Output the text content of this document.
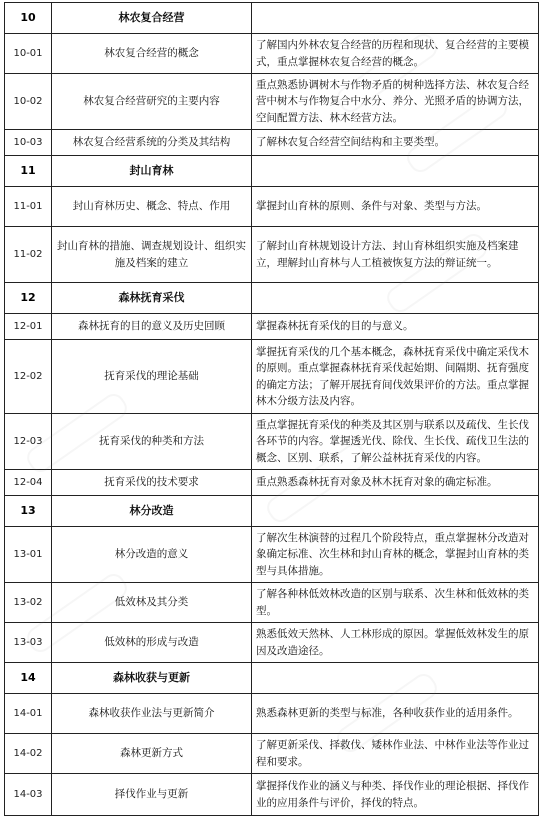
10	林农复合经营	
10-01	林农复合经营的概念	了解国内外林农复合经营的历程和现状、复合经营的主要模式，重点掌握林农复合经营的概念。
10-02	林农复合经营研究的主要内容	重点熟悉协调树木与作物矛盾的树种选择方法、林农复合经营中树木与作物复合中水分、养分、光照矛盾的协调方法，空间配置方法、林木经营方法。
10-03	林农复合经营系统的分类及其结构	了解林农复合经营空间结构和主要类型。
11	封山育林	
11-01	封山育林历史、概念、特点、作用	掌握封山育林的原则、条件与对象、类型与方法。
11-02	封山育林的措施、调查规划设计、组织实施及档案的建立	了解封山育林规划设计方法、封山育林组织实施及档案建立，理解封山育林与人工植被恢复方法的辩证统一。
12	森林抚育采伐	
12-01	森林抚育的目的意义及历史回顾	掌握森林抚育采伐的目的与意义。
12-02	抚育采伐的理论基础	掌握抚育采伐的几个基本概念，森林抚育采伐中确定采伐木的原则。重点掌握森林抚育采伐起始期、间隔期、抚育强度的确定方法；了解开展抚育间伐效果评价的方法。重点掌握林木分级方法及内容。
12-03	抚育采伐的种类和方法	重点掌握抚育采伐的种类及其区别与联系以及疏伐、生长伐各环节的内容。掌握透光伐、除伐、生长伐、疏伐卫生法的概念、区别、联系，了解公益林抚育采伐的内容。
12-04	抚育采伐的技术要求	重点熟悉森林抚育对象及林木抚育对象的确定标准。
13	林分改造	
13-01	林分改造的意义	了解次生林演替的过程几个阶段特点，重点掌握林分改造对象确定标准、次生林和封山育林的概念，掌握封山育林的类型与具体措施。
13-02	低效林及其分类	了解各种林低效林改造的区别与联系、次生林和低效林的类型。
13-03	低效林的形成与改造	熟悉低效天然林、人工林形成的原因。掌握低效林发生的原因及改造途径。
14	森林收获与更新	
14-01	森林收获作业法与更新简介	熟悉森林更新的类型与标准，各种收获作业的适用条件。
14-02	森林更新方式	了解更新采伐、择救伐、矮林作业法、中林作业法等作业过程和要求。
14-03	择伐作业与更新	掌握择伐作业的涵义与种类、择伐作业的理论根据、择伐作业的应用条件与评价，择伐的特点。
